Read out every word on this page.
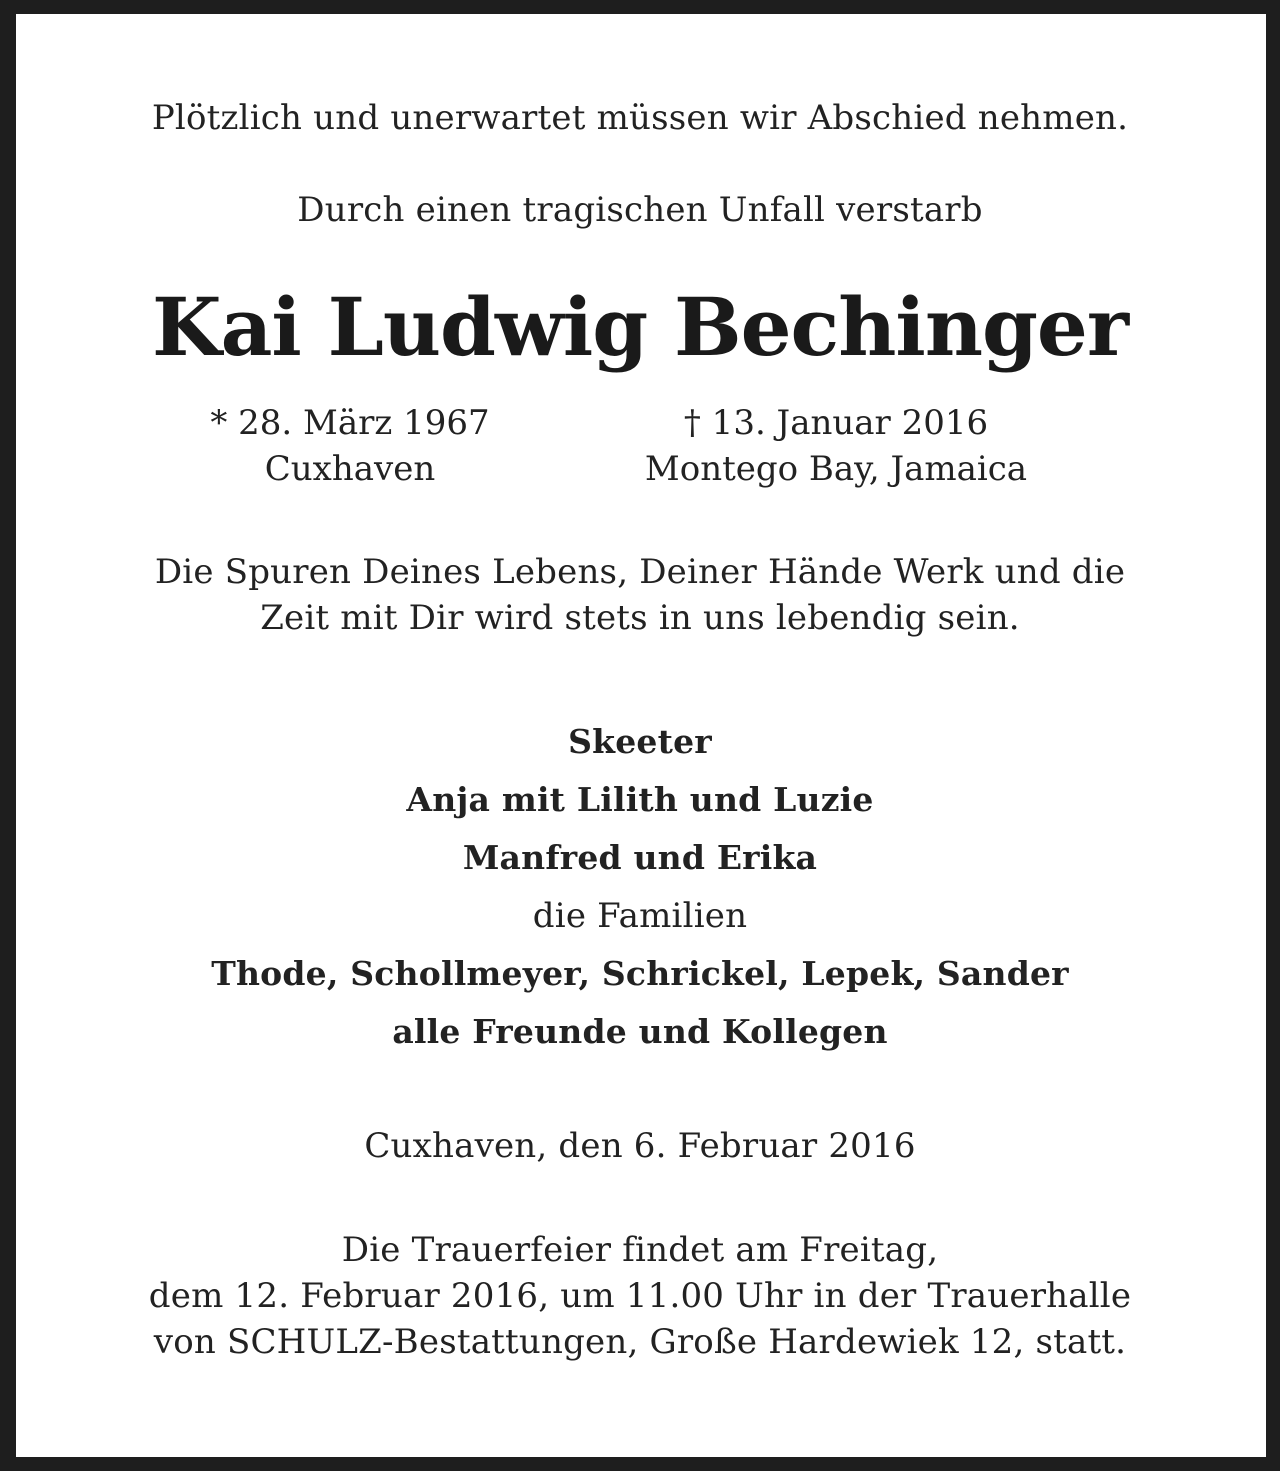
Plötzlich und unerwartet müssen wir Abschied nehmen.
Durch einen tragischen Unfall verstarb
Kai Ludwig Bechinger
* 28. März 1967
Cuxhaven
† 13. Januar 2016
Montego Bay, Jamaica
Die Spuren Deines Lebens, Deiner Hände Werk und die
Zeit mit Dir wird stets in uns lebendig sein.
Skeeter
Anja mit Lilith und Luzie
Manfred und Erika
die Familien
Thode, Schollmeyer, Schrickel, Lepek, Sander
alle Freunde und Kollegen
Cuxhaven, den 6. Februar 2016
Die Trauerfeier findet am Freitag,
dem 12. Februar 2016, um 11.00 Uhr in der Trauerhalle
von SCHULZ-Bestattungen, Große Hardewiek 12, statt.
